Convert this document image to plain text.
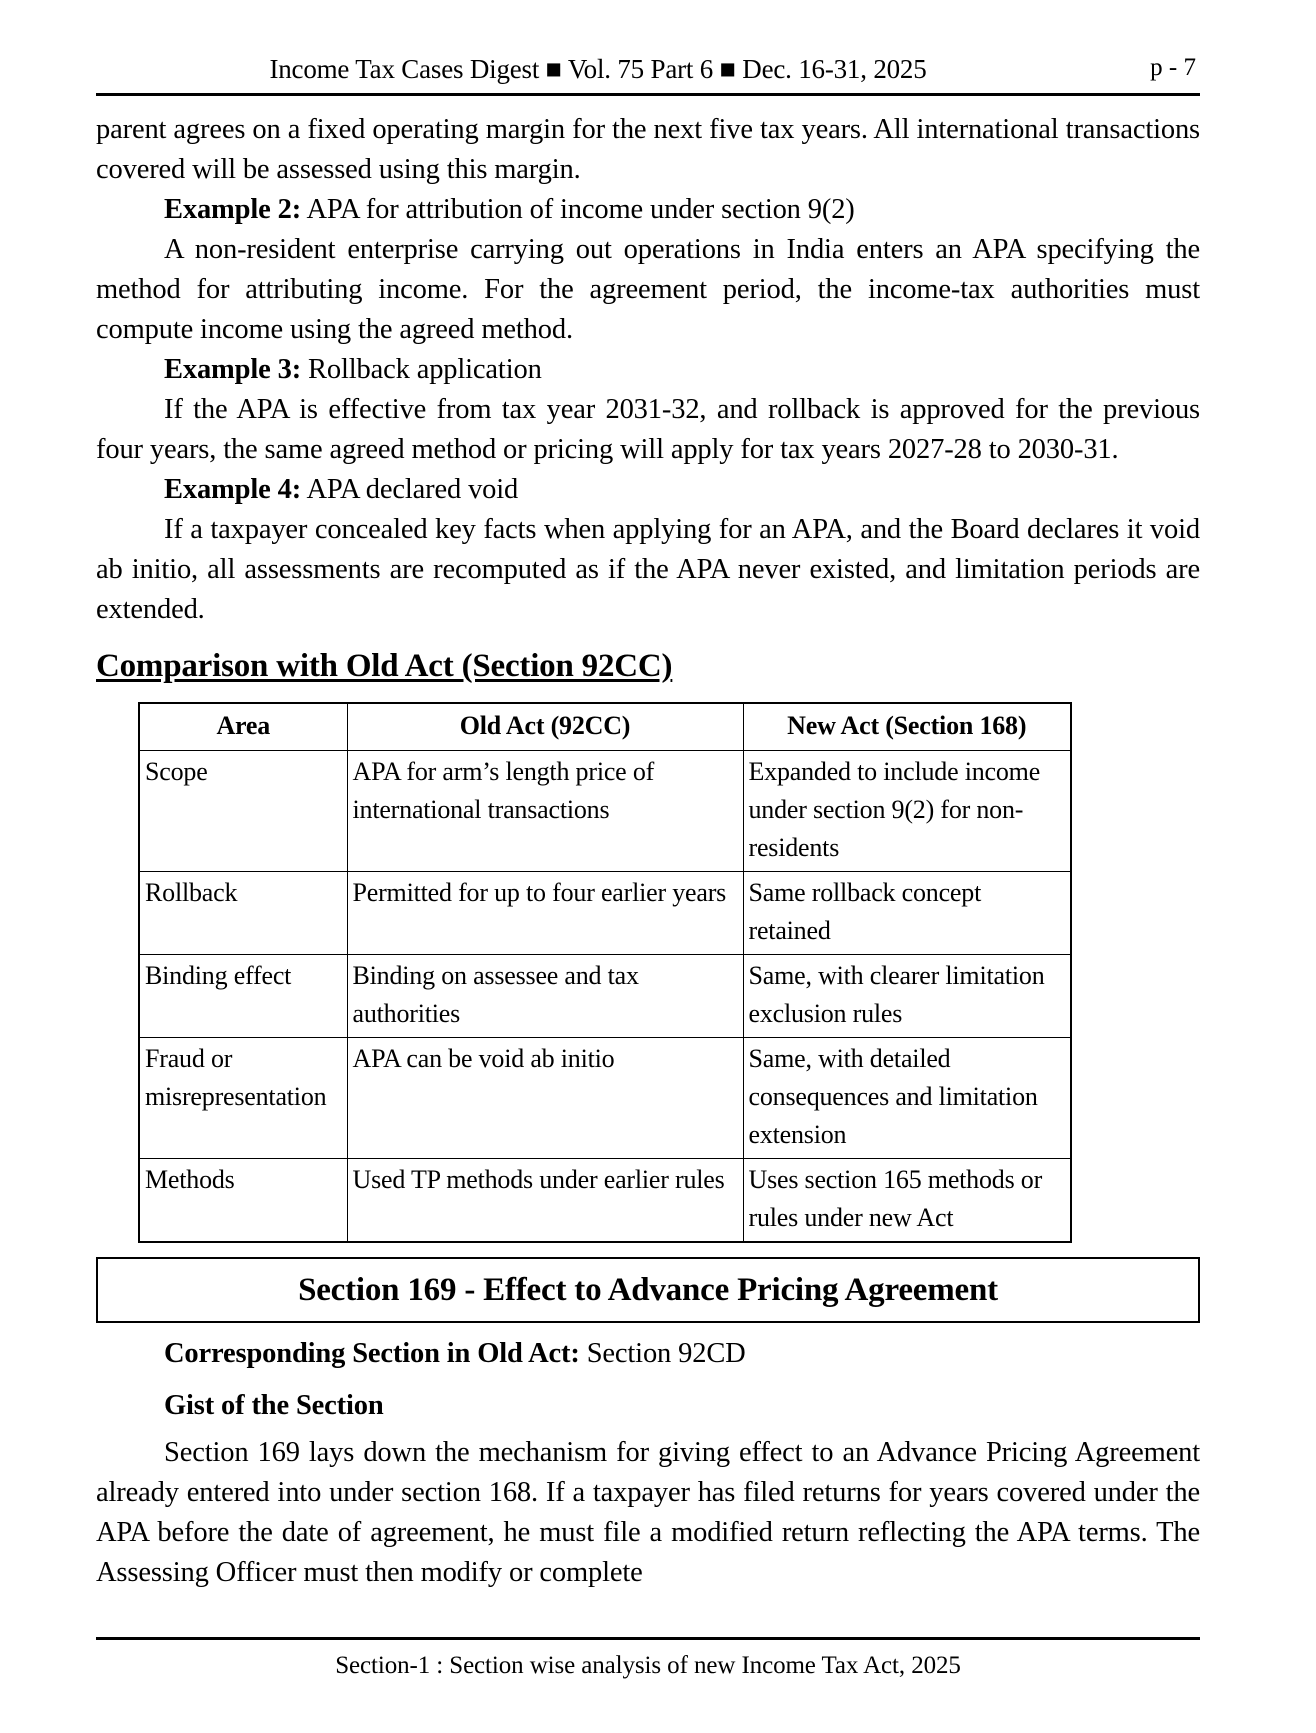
Income Tax Cases Digest ■ Vol. 75 Part 6 ■ Dec. 16-31, 2025	p - 7

parent agrees on a fixed operating margin for the next five tax years. All international transactions covered will be assessed using this margin.

Example 2: APA for attribution of income under section 9(2)

A non-resident enterprise carrying out operations in India enters an APA specifying the method for attributing income. For the agreement period, the income-tax authorities must compute income using the agreed method.

Example 3: Rollback application

If the APA is effective from tax year 2031-32, and rollback is approved for the previous four years, the same agreed method or pricing will apply for tax years 2027-28 to 2030-31.

Example 4: APA declared void

If a taxpayer concealed key facts when applying for an APA, and the Board declares it void ab initio, all assessments are recomputed as if the APA never existed, and limitation periods are extended.

Comparison with Old Act (Section 92CC)
Area	Old Act (92CC)	New Act (Section 168)
Scope	APA for arm’s length price of international transactions	Expanded to include income under section 9(2) for non-residents
Rollback	Permitted for up to four earlier years	Same rollback concept retained
Binding effect	Binding on assessee and tax authorities	Same, with clearer limitation exclusion rules
Fraud or misrepresentation	APA can be void ab initio	Same, with detailed consequences and limitation extension
Methods	Used TP methods under earlier rules	Uses section 165 methods or rules under new Act
Section 169 - Effect to Advance Pricing Agreement

Corresponding Section in Old Act: Section 92CD

Gist of the Section

Section 169 lays down the mechanism for giving effect to an Advance Pricing Agreement already entered into under section 168. If a taxpayer has filed returns for years covered under the APA before the date of agreement, he must file a modified return reflecting the APA terms. The Assessing Officer must then modify or complete

Section-1 : Section wise analysis of new Income Tax Act, 2025
